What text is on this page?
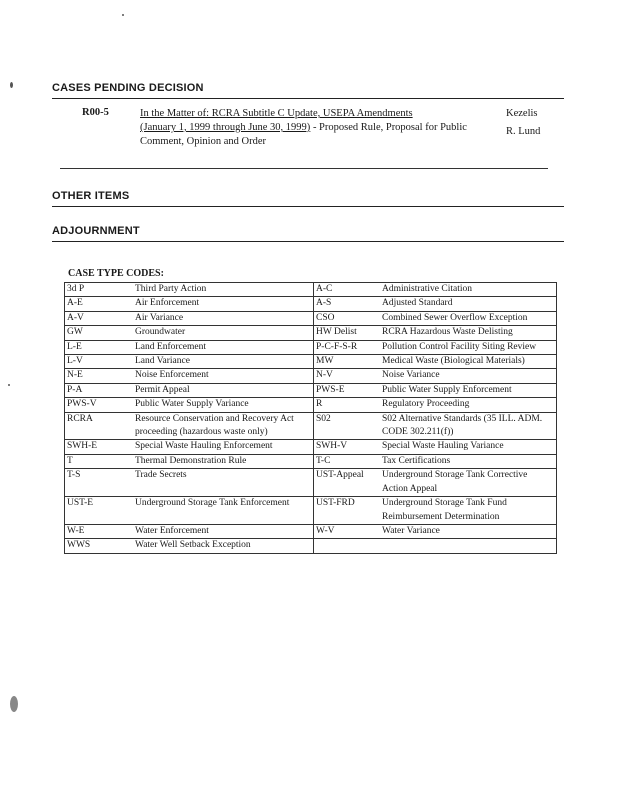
CASES PENDING DECISION
R00-5	In the Matter of: RCRA Subtitle C Update, USEPA Amendments
(January 1, 1999 through June 30, 1999) - Proposed Rule, Proposal for Public Comment, Opinion and Order
Kezelis
R. Lund
OTHER ITEMS
ADJOURNMENT
CASE TYPE CODES:
3d P	Third Party Action	A-C	Administrative Citation
A-E	Air Enforcement	A-S	Adjusted Standard
A-V	Air Variance	CSO	Combined Sewer Overflow Exception
GW	Groundwater	HW Delist	RCRA Hazardous Waste Delisting
L-E	Land Enforcement	P-C-F-S-R	Pollution Control Facility Siting Review
L-V	Land Variance	MW	Medical Waste (Biological Materials)
N-E	Noise Enforcement	N-V	Noise Variance
P-A	Permit Appeal	PWS-E	Public Water Supply Enforcement
PWS-V	Public Water Supply Variance	R	Regulatory Proceeding
RCRA	Resource Conservation and Recovery Act proceeding (hazardous waste only)	S02	S02 Alternative Standards (35 ILL. ADM. CODE 302.211(f))
SWH-E	Special Waste Hauling Enforcement	SWH-V	Special Waste Hauling Variance
T	Thermal Demonstration Rule	T-C	Tax Certifications
T-S	Trade Secrets	UST-Appeal	Underground Storage Tank Corrective Action Appeal
UST-E	Underground Storage Tank Enforcement	UST-FRD	Underground Storage Tank Fund Reimbursement Determination
W-E	Water Enforcement	W-V	Water Variance
WWS	Water Well Setback Exception		
